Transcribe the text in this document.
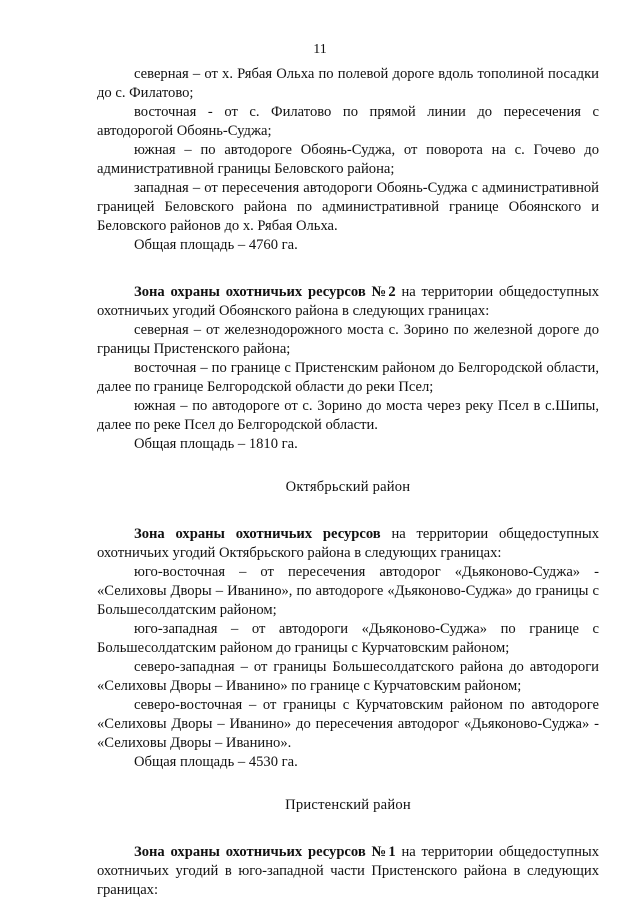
11

северная – от х. Рябая Ольха по полевой дороге вдоль тополиной посадки до с. Филатово;

восточная - от с. Филатово по прямой линии до пересечения с автодорогой Обоянь-Суджа;

южная – по автодороге Обоянь-Суджа, от поворота на с. Гочево до административной границы Беловского района;

западная – от пересечения автодороги Обоянь-Суджа с административной границей Беловского района по административной границе Обоянского и Беловского районов до х. Рябая Ольха.

Общая площадь – 4760 га.

Зона охраны охотничьих ресурсов №2 на территории общедоступных охотничьих угодий Обоянского района в следующих границах:

северная – от железнодорожного моста с. Зорино по железной дороге до границы Пристенского района;

восточная – по границе с Пристенским районом до Белгородской области, далее по границе Белгородской области до реки Псел;

южная – по автодороге от с. Зорино до моста через реку Псел в с.Шипы, далее по реке Псел до Белгородской области.

Общая площадь – 1810 га.

Октябрьский район

Зона охраны охотничьих ресурсов на территории общедоступных охотничьих угодий Октябрьского района в следующих границах:

юго-восточная – от пересечения автодорог «Дьяконово-Суджа» - «Селиховы Дворы – Иванино», по автодороге «Дьяконово-Суджа» до границы с Большесолдатским районом;

юго-западная – от автодороги «Дьяконово-Суджа» по границе с Большесолдатским районом до границы с Курчатовским районом;

северо-западная – от границы Большесолдатского района до автодороги «Селиховы Дворы – Иванино» по границе с Курчатовским районом;

северо-восточная – от границы с Курчатовским районом по автодороге «Селиховы Дворы – Иванино» до пересечения автодорог «Дьяконово-Суджа» - «Селиховы Дворы – Иванино».

Общая площадь – 4530 га.

Пристенский район

Зона охраны охотничьих ресурсов №1 на территории общедоступных охотничьих угодий в юго-западной части Пристенского района в следующих границах:
